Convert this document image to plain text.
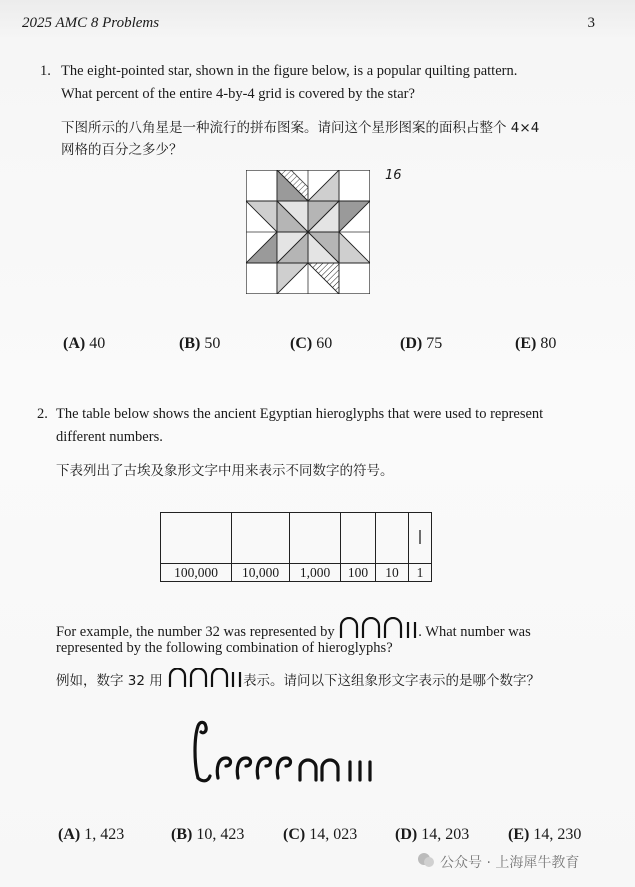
2025 AMC 8 Problems	3
1. The eight-pointed star, shown in the figure below, is a popular quilting pattern.
What percent of the entire 4-by-4 grid is covered by the star?
下图所示的八角星是一种流行的拼布图案。请问这个星形图案的面积占整个 4×4
网格的百分之多少？
16
(A) 40	(B) 50	(C) 60	(D) 75	(E) 80
2. The table below shows the ancient Egyptian hieroglyphs that were used to represent
different numbers.
下表列出了古埃及象形文字中用来表示不同数字的符号。

100,000	10,000	1,000	100	10	1
For example, the number 32 was represented by	. What number was
represented by the following combination of hieroglyphs?
例如，数字 32 用	表示。请问以下这组象形文字表示的是哪个数字？
(A) 1, 423	(B) 10, 423 (C) 14, 023 (D) 14, 203 (E) 14, 230
公众号 · 上海犀牛教育
